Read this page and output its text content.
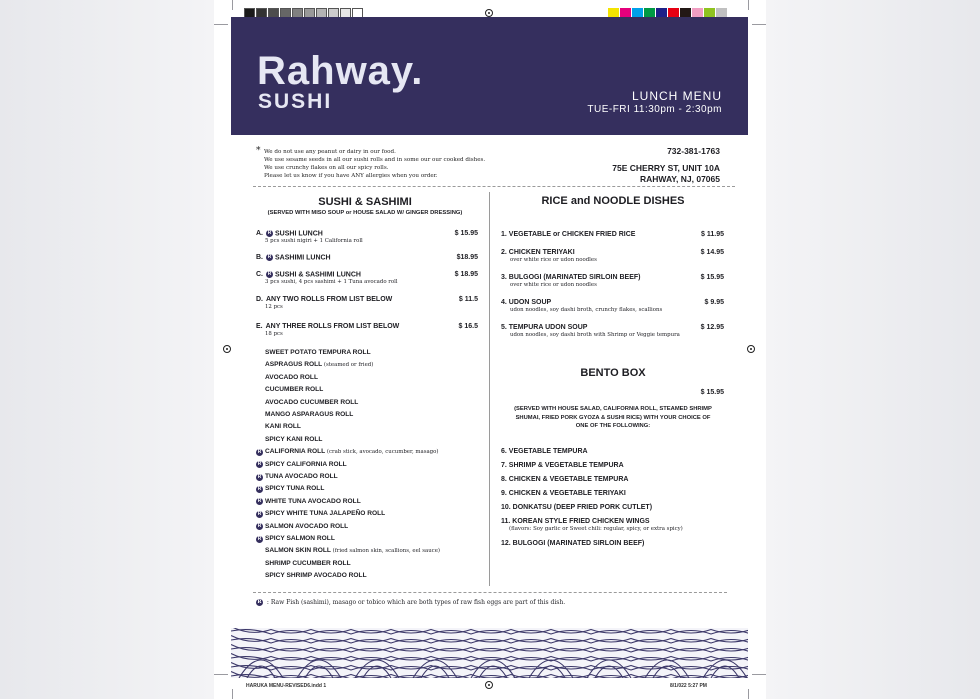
Rahway.
SUSHI	LUNCH MENU
TUE-FRI 11:30pm - 2:30pm
* We do not use any peanut or dairy in our food.
We use sesame seeds in all our sushi rolls and in some our our cooked dishes.
We use crunchy flakes on all our spicy rolls.
Please let us know if you have ANY allergies when you order.
732-381-1763
75E CHERRY ST, UNIT 10A
RAHWAY, NJ, 07065
SUSHI & SASHIMI
(SERVED WITH MISO SOUP or HOUSE SALAD W/ GINGER DRESSING)
A. R SUSHI LUNCH
5 pcs sushi nigiri + 1 California roll
$ 15.95
B. R SASHIMI LUNCH	$18.95
C. R SUSHI & SASHIMI LUNCH
3 pcs sushi, 4 pcs sashimi + 1 Tuna avocado roll
$ 18.95
D. ANY TWO ROLLS FROM LIST BELOW
12 pcs
$ 11.5
E. ANY THREE ROLLS FROM LIST BELOW
18 pcs
$ 16.5
SWEET POTATO TEMPURA ROLL
ASPRAGUS ROLL (steamed or fried)
AVOCADO ROLL
CUCUMBER ROLL
AVOCADO CUCUMBER ROLL
MANGO ASPARAGUS ROLL
KANI ROLL
SPICY KANI ROLL
R CALIFORNIA ROLL (crab stick, avocado, cucumber, masago)
R SPICY CALIFORNIA ROLL
R TUNA AVOCADO ROLL
R SPICY TUNA ROLL
R WHITE TUNA AVOCADO ROLL
R SPICY WHITE TUNA JALAPEÑO ROLL
R SALMON AVOCADO ROLL
R SPICY SALMON ROLL
SALMON SKIN ROLL (fried salmon skin, scallions, eel sauce)
SHRIMP CUCUMBER ROLL
SPICY SHRIMP AVOCADO ROLL
RICE and NOODLE DISHES
1. VEGETABLE or CHICKEN FRIED RICE	$ 11.95
2. CHICKEN TERIYAKI
over white rice or udon noodles
$ 14.95
3. BULGOGI (MARINATED SIRLOIN BEEF)
over white rice or udon noodles
$ 15.95
4. UDON SOUP
udon noodles, soy dashi broth, crunchy flakes, scallions
$ 9.95
5. TEMPURA UDON SOUP
udon noodles, soy dashi broth with Shrimp or Veggie tempura
$ 12.95
BENTO BOX
$ 15.95
(SERVED WITH HOUSE SALAD, CALIFORNIA ROLL, STEAMED SHRIMP
SHUMAI, FRIED PORK GYOZA & SUSHI RICE) WITH YOUR CHOICE OF
ONE OF THE FOLLOWING:
6. VEGETABLE TEMPURA
7. SHRIMP & VEGETABLE TEMPURA
8. CHICKEN & VEGETABLE TEMPURA
9. CHICKEN & VEGETABLE TERIYAKI
10. DONKATSU (DEEP FRIED PORK CUTLET)
11. KOREAN STYLE FRIED CHICKEN WINGS
(flavors: Soy garlic or Sweet chili: regular, spicy, or extra spicy)
12. BULGOGI (MARINATED SIRLOIN BEEF)
R : Raw Fish (sashimi), masago or tobico which are both types of raw fish eggs are part of this dish.
HARUKA MENU-REVISED6.indd 1	8/1/022 5:27 PM
